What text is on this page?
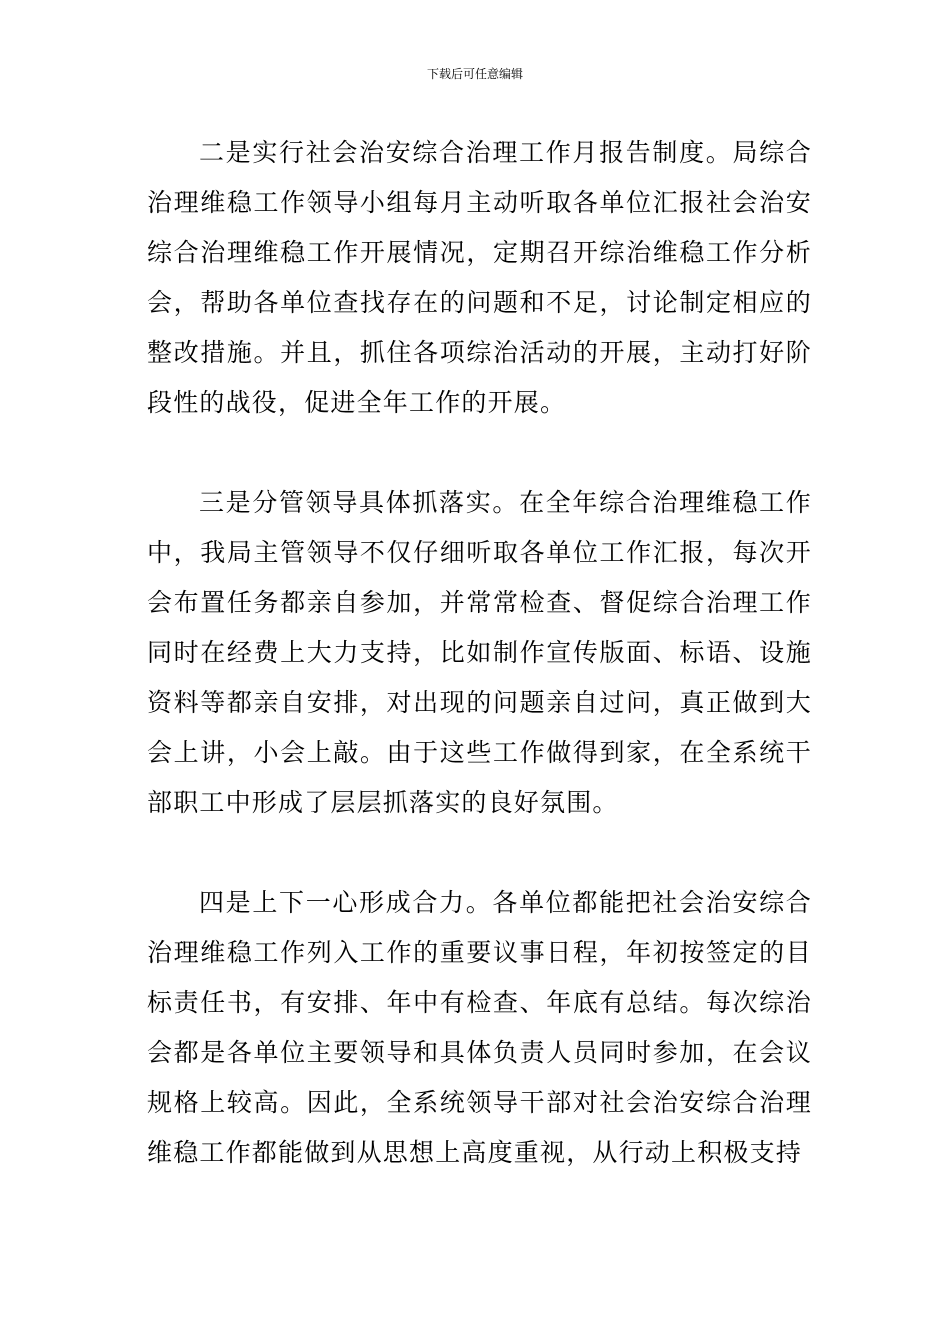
下载后可任意编辑

二是实行社会治安综合治理工作月报告制度。局综合治理维稳工作领导小组每月主动听取各单位汇报社会治安综合治理维稳工作开展情况，定期召开综治维稳工作分析会，帮助各单位查找存在的问题和不足，讨论制定相应的整改措施。并且，抓住各项综治活动的开展，主动打好阶段性的战役，促进全年工作的开展。

三是分管领导具体抓落实。在全年综合治理维稳工作中，我局主管领导不仅仔细听取各单位工作汇报，每次开会布置任务都亲自参加，并常常检查、督促综合治理工作同时在经费上大力支持，比如制作宣传版面、标语、设施资料等都亲自安排，对出现的问题亲自过问，真正做到大会上讲，小会上敲。由于这些工作做得到家，在全系统干部职工中形成了层层抓落实的良好氛围。

四是上下一心形成合力。各单位都能把社会治安综合治理维稳工作列入工作的重要议事日程，年初按签定的目标责任书，有安排、年中有检查、年底有总结。每次综治会都是各单位主要领导和具体负责人员同时参加，在会议规格上较高。因此，全系统领导干部对社会治安综合治理维稳工作都能做到从思想上高度重视，从行动上积极支持
